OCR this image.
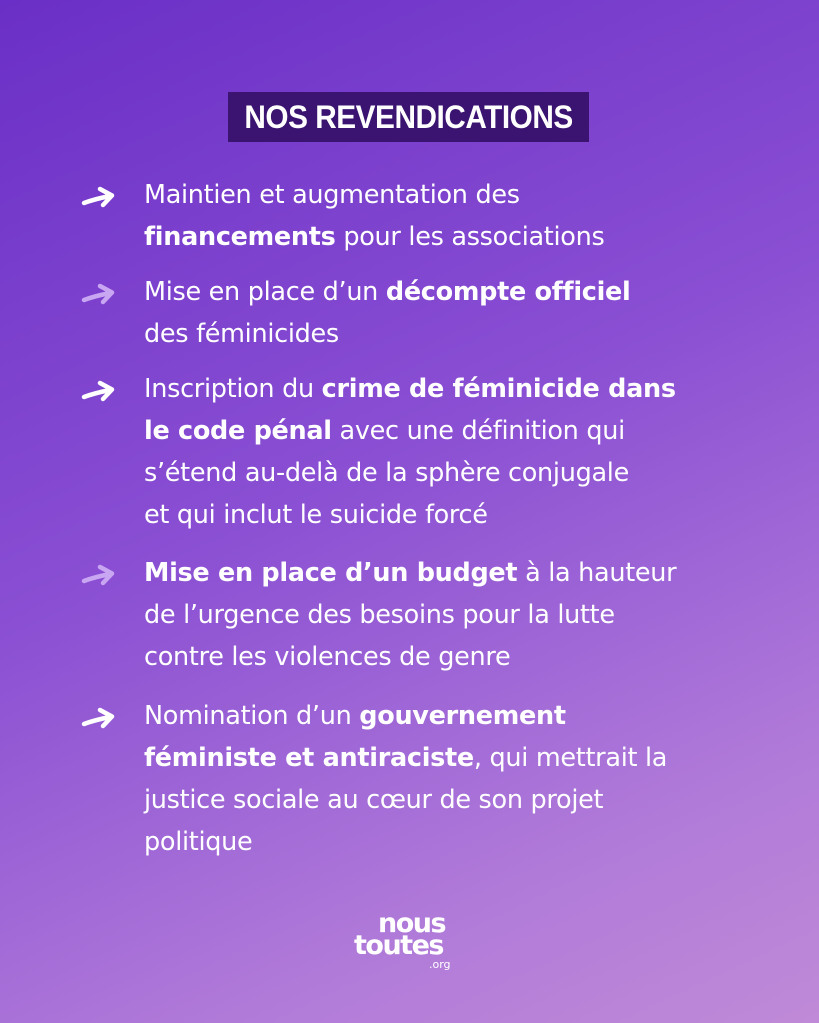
NOS REVENDICATIONS
Maintien et augmentation des
financements pour les associations
Mise en place d’un décompte officiel
des féminicides
Inscription du crime de féminicide dans
le code pénal avec une définition qui
s’étend au-delà de la sphère conjugale
et qui inclut le suicide forcé
Mise en place d’un budget à la hauteur
de l’urgence des besoins pour la lutte
contre les violences de genre
Nomination d’un gouvernement
féministe et antiraciste, qui mettrait la
justice sociale au cœur de son projet
politique
nous
toutes
.org
